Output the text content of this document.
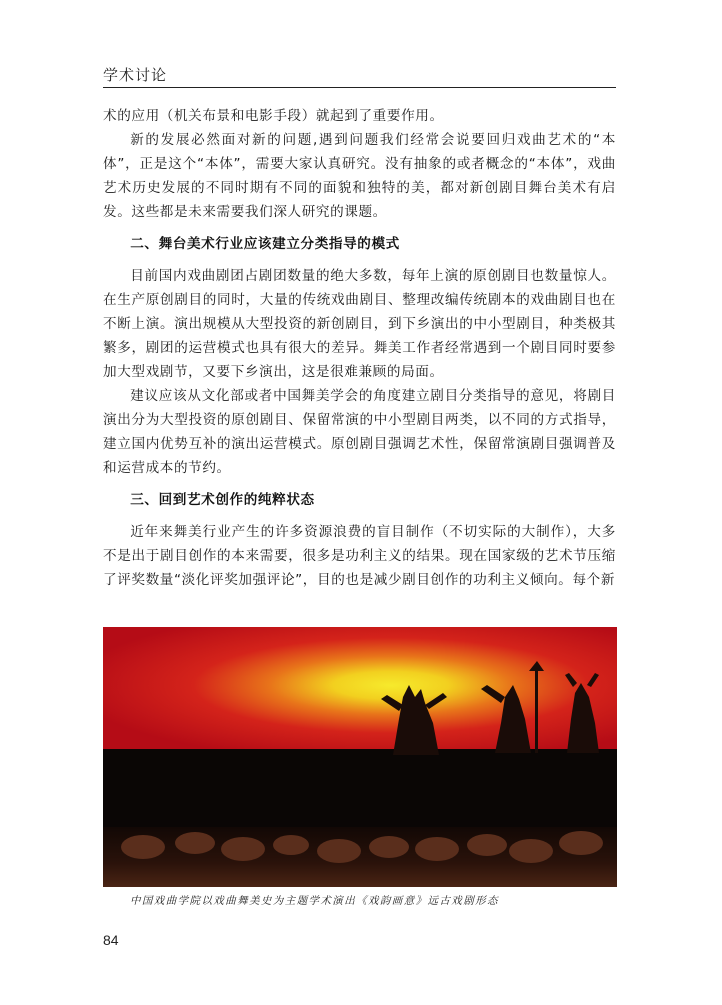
学术讨论

术的应用（机关布景和电影手段）就起到了重要作用。

新的发展必然面对新的问题,遇到问题我们经常会说要回归戏曲艺术的“本体”，正是这个“本体”，需要大家认真研究。没有抽象的或者概念的“本体”，戏曲艺术历史发展的不同时期有不同的面貌和独特的美，都对新创剧目舞台美术有启发。这些都是未来需要我们深人研究的课题。

二、舞台美术行业应该建立分类指导的模式

目前国内戏曲剧团占剧团数量的绝大多数，每年上演的原创剧目也数量惊人。在生产原创剧目的同时，大量的传统戏曲剧目、整理改编传统剧本的戏曲剧目也在不断上演。演出规模从大型投资的新创剧目，到下乡演出的中小型剧目，种类极其繁多，剧团的运营模式也具有很大的差异。舞美工作者经常遇到一个剧目同时要参加大型戏剧节，又要下乡演出，这是很难兼顾的局面。

建议应该从文化部或者中国舞美学会的角度建立剧目分类指导的意见，将剧目演出分为大型投资的原创剧目、保留常演的中小型剧目两类，以不同的方式指导，建立国内优势互补的演出运营模式。原创剧目强调艺术性，保留常演剧目强调普及和运营成本的节约。

三、回到艺术创作的纯粹状态

近年来舞美行业产生的许多资源浪费的盲目制作（不切实际的大制作），大多不是出于剧目创作的本来需要，很多是功利主义的结果。现在国家级的艺术节压缩了评奖数量“淡化评奖加强评论”，目的也是减少剧目创作的功利主义倾向。每个新

中国戏曲学院以戏曲舞美史为主题学术演出《戏韵画意》远古戏剧形态
84
